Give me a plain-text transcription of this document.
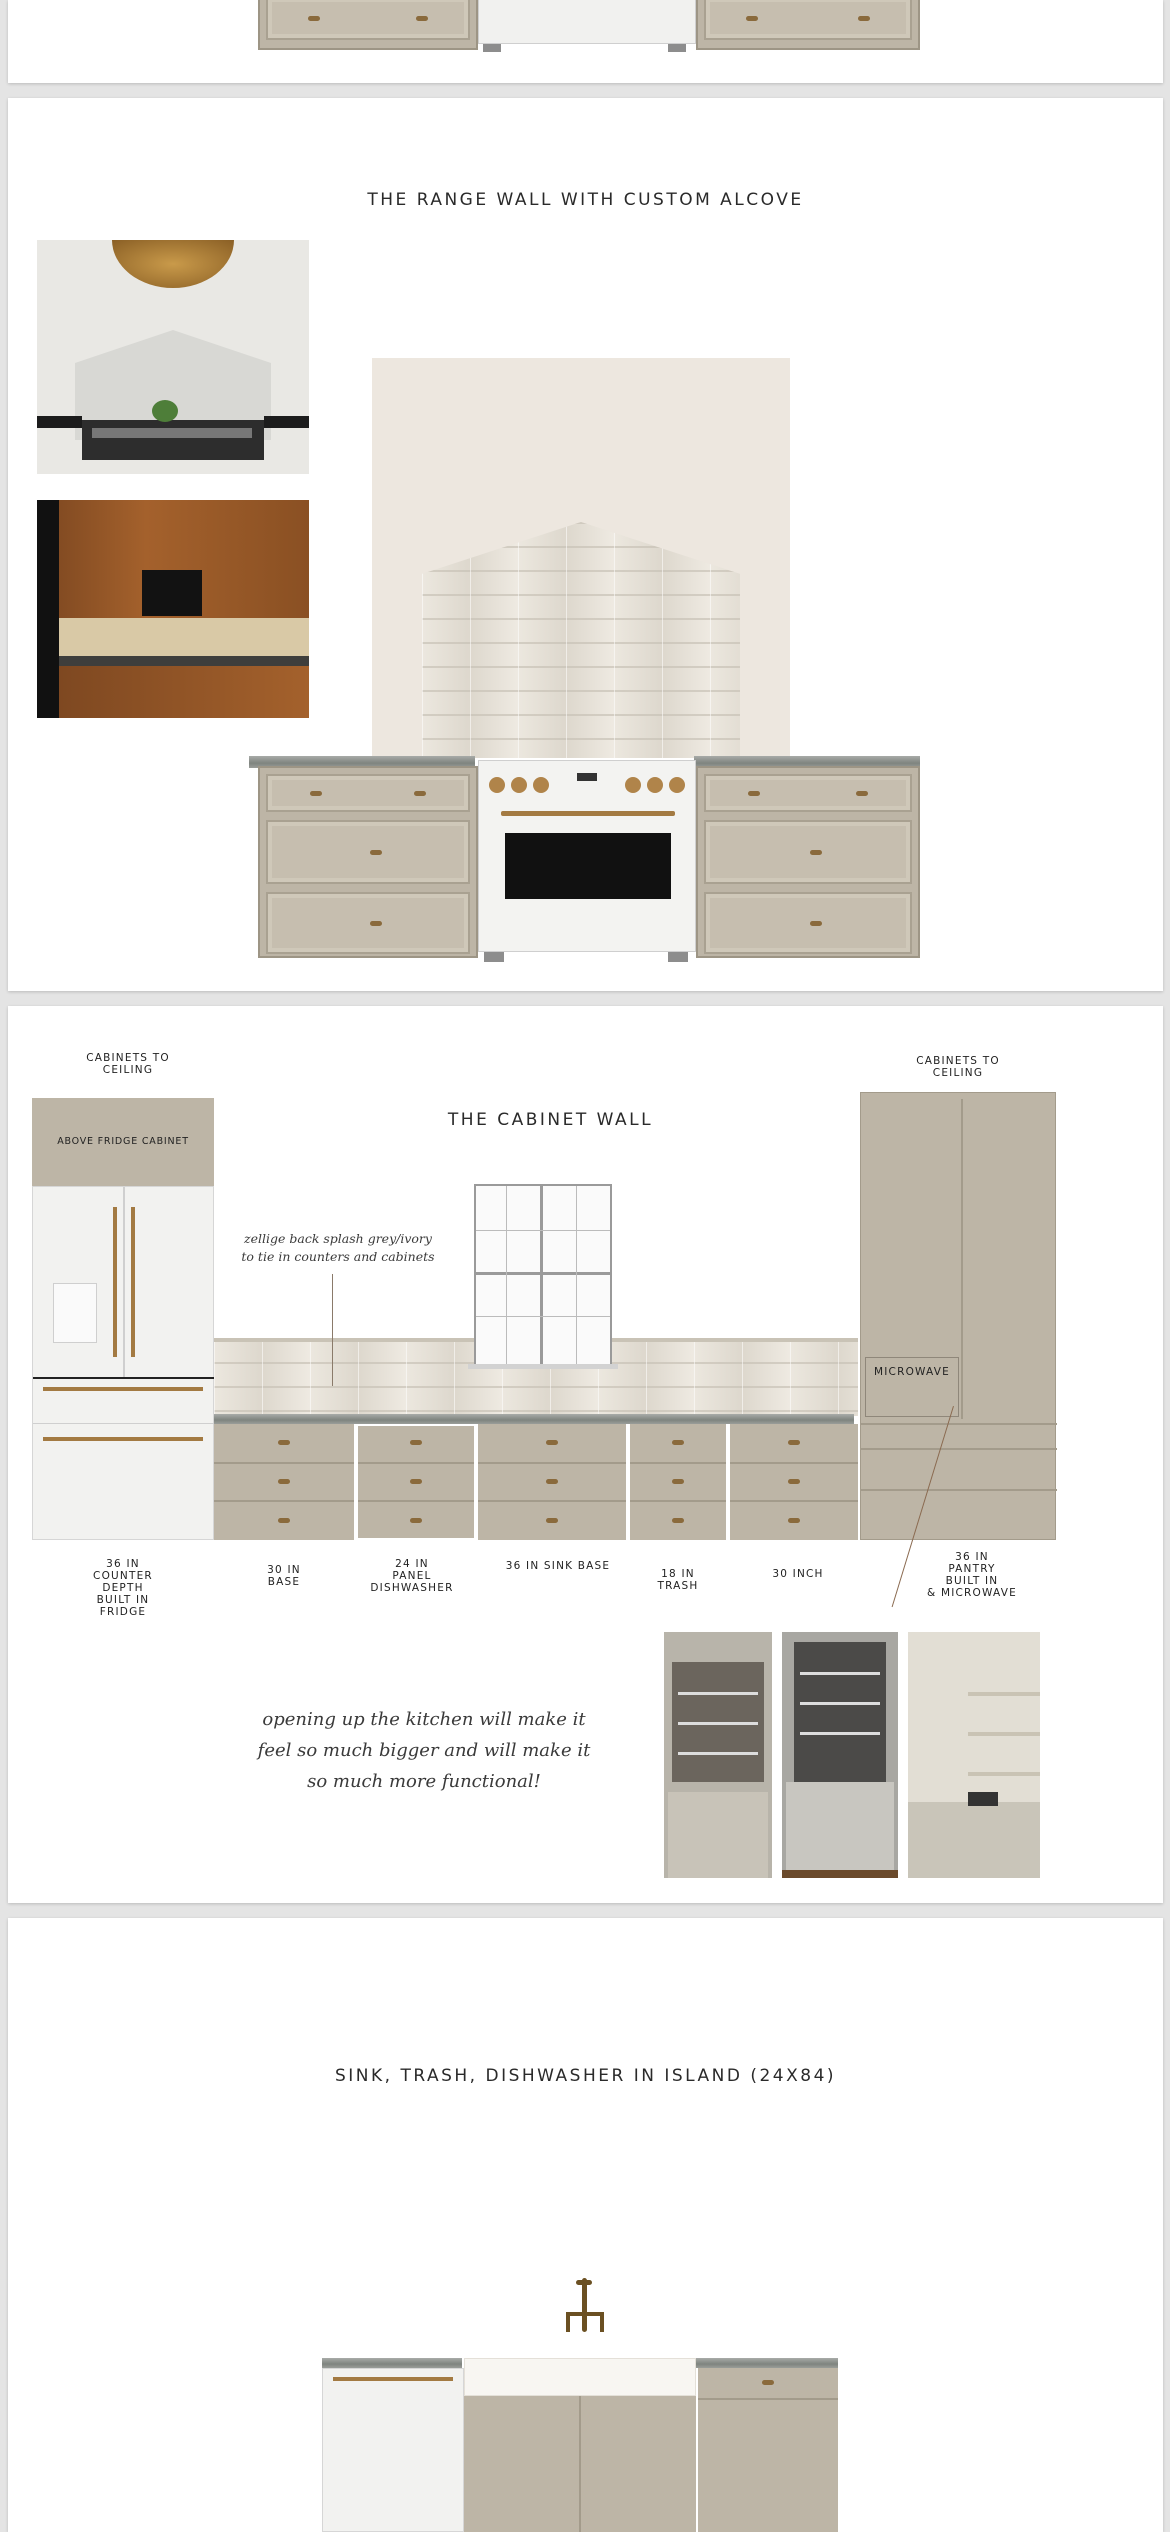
THE RANGE WALL WITH CUSTOM ALCOVE
CABINETS TO
CEILING
CABINETS TO
CEILING
THE CABINET WALL
ABOVE FRIDGE CABINET
zellige back splash grey/ivory
to tie in counters and cabinets
MICROWAVE
36 IN
COUNTER
DEPTH
BUILT IN
FRIDGE
30 IN
BASE
24 IN
PANEL
DISHWASHER
36 IN SINK BASE
18 IN
TRASH
30 INCH
36 IN
PANTRY
BUILT IN
& MICROWAVE
opening up the kitchen will make it
feel so much bigger and will make it
so much more functional!
SINK, TRASH, DISHWASHER IN ISLAND (24X84)
